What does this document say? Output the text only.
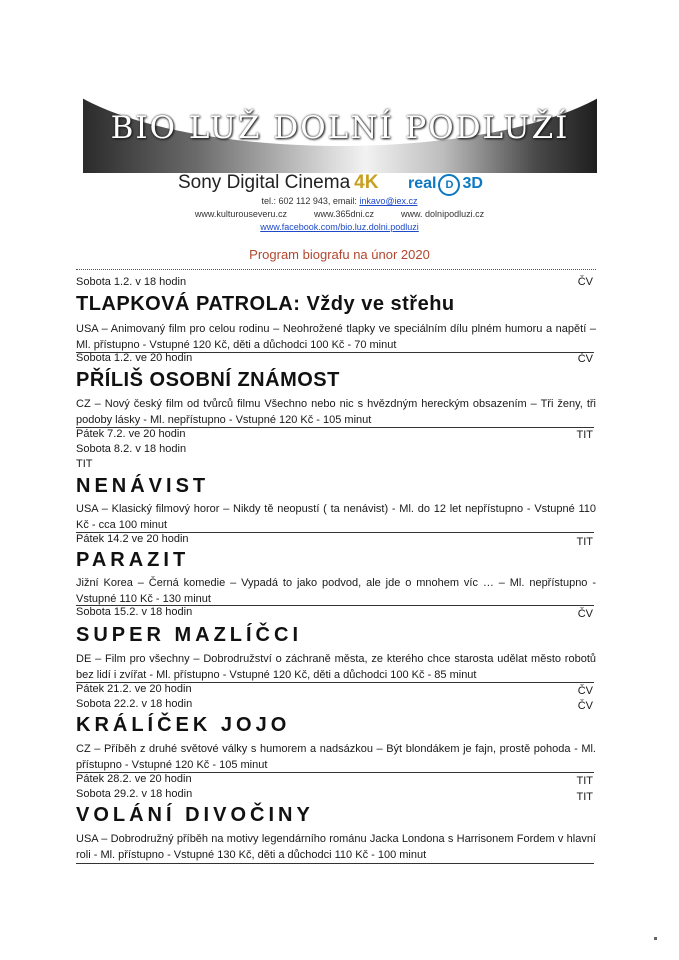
BIO LUŽ DOLNÍ PODLUŽÍ
Sony Digital Cinema 4K real D 3D
tel.: 602 112 943, email: inkavo@iex.cz
www.kulturouseveru.cz	www.365dni.cz	www. dolnipodluzi.cz
www.facebook.com/bio.luz.dolni.podluzi
Program biografu na únor 2020
Sobota 1.2. v 18 hodin	ČV
TLAPKOVÁ PATROLA: Vždy ve střehu
USA – Animovaný film pro celou rodinu – Neohrožené tlapky ve speciálním dílu plném humoru a napětí – Ml. přístupno - Vstupné 120 Kč, děti a důchodci 100 Kč - 70 minut
Sobota 1.2. ve 20 hodin	ČV
PŘÍLIŠ OSOBNÍ ZNÁMOST
CZ – Nový český film od tvůrců filmu Všechno nebo nic s hvězdným hereckým obsazením – Tři ženy, tři podoby lásky - Ml. nepřístupno - Vstupné 120 Kč - 105 minut
Pátek 7.2. ve 20 hodin	TIT
Sobota 8.2. v 18 hodin
TIT
NENÁVIST
USA – Klasický filmový horor – Nikdy tě neopustí ( ta nenávist) - Ml. do 12 let nepřístupno - Vstupné 110 Kč - cca 100 minut
Pátek 14.2 ve 20 hodin	TIT
PARAZIT
Jižní Korea – Černá komedie – Vypadá to jako podvod, ale jde o mnohem víc … – Ml. nepřístupno - Vstupné 110 Kč - 130 minut
Sobota 15.2. v 18 hodin	ČV
SUPER MAZLÍČCI
DE – Film pro všechny – Dobrodružství o záchraně města, ze kterého chce starosta udělat město robotů bez lidí i zvířat - Ml. přístupno - Vstupné 120 Kč, děti a důchodci 100 Kč - 85 minut
Pátek 21.2. ve 20 hodin	ČV
Sobota 22.2. v 18 hodin	ČV
KRÁLÍČEK JOJO
CZ – Příběh z druhé světové války s humorem a nadsázkou – Být blondákem je fajn, prostě pohoda - Ml. přístupno - Vstupné 120 Kč - 105 minut
Pátek 28.2. ve 20 hodin	TIT
Sobota 29.2. v 18 hodin	TIT
VOLÁNÍ DIVOČINY
USA – Dobrodružný příběh na motivy legendárního románu Jacka Londona s Harrisonem Fordem v hlavní roli - Ml. přístupno - Vstupné 130 Kč, děti a důchodci 110 Kč - 100 minut
